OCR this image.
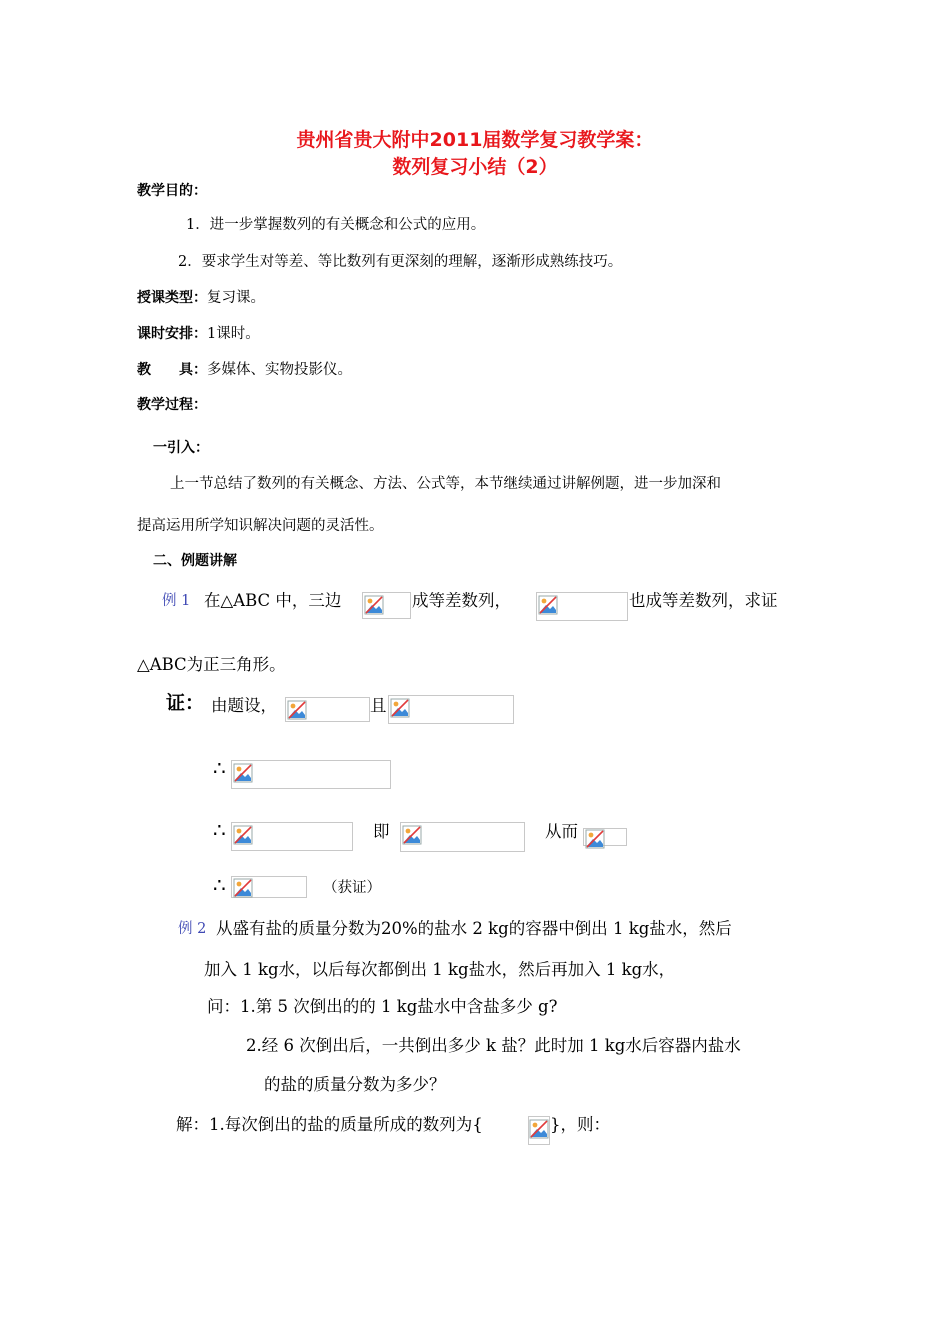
贵州省贵大附中2011届数学复习教学案：
数列复习小结（2）
教学目的：
1．进一步掌握数列的有关概念和公式的应用。
2．要求学生对等差、等比数列有更深刻的理解，逐渐形成熟练技巧。
授课类型：复习课。
课时安排：1课时。
教　　具：多媒体、实物投影仪。
教学过程：
一引入：
上一节总结了数列的有关概念、方法、公式等，本节继续通过讲解例题，进一步加深和
提高运用所学知识解决问题的灵活性。
二、例题讲解
例 1 在△ABC 中，三边	成等差数列，	也成等差数列，求证
△ABC为正三角形。
证： 由题设，	且
∴
∴	即	从而
∴	（获证）
例 2 从盛有盐的质量分数为20%的盐水 2 kg的容器中倒出 1 kg盐水，然后
加入 1 kg水，以后每次都倒出 1 kg盐水，然后再加入 1 kg水，
问：1.第 5 次倒出的的 1 kg盐水中含盐多少 g?
2.经 6 次倒出后，一共倒出多少 k 盐？此时加 1 kg水后容器内盐水
的盐的质量分数为多少？
解：1.每次倒出的盐的质量所成的数列为{	}，则：
